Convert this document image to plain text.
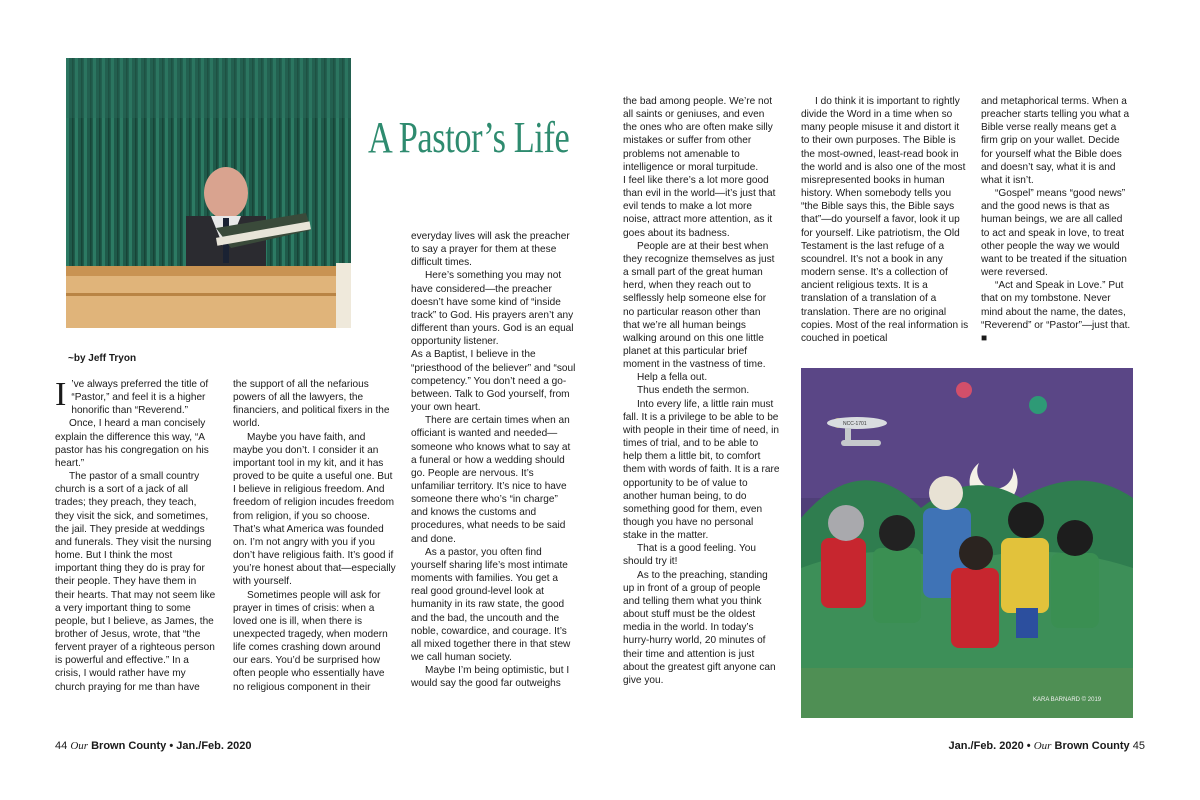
A Pastor’s Life
~by Jeff Tryon

I ’ve always preferred the title of “Pastor,” and feel it is a higher honorific than “Reverend.”

Once, I heard a man concisely explain the difference this way, “A pastor has his congregation on his heart.”

The pastor of a small country church is a sort of a jack of all trades; they preach, they teach, they visit the sick, and sometimes, the jail. They preside at weddings and funerals. They visit the nursing home. But I think the most important thing they do is pray for their people. They have them in their hearts. That may not seem like a very important thing to some people, but I believe, as James, the brother of Jesus, wrote, that “the fervent prayer of a righteous person is powerful and effective.” In a crisis, I would rather have my church praying for me than have

the support of all the nefarious powers of all the lawyers, the financiers, and political fixers in the world.

Maybe you have faith, and maybe you don’t. I consider it an important tool in my kit, and it has proved to be quite a useful one. But I believe in religious freedom. And freedom of religion incudes freedom from religion, if you so choose. That’s what America was founded on. I’m not angry with you if you don’t have religious faith. It’s good if you’re honest about that—especially with yourself.

Sometimes people will ask for prayer in times of crisis: when a loved one is ill, when there is unexpected tragedy, when modern life comes crashing down around our ears. You’d be surprised how often people who essentially have no religious component in their

everyday lives will ask the preacher to say a prayer for them at these difficult times.

Here’s something you may not have considered—the preacher doesn’t have some kind of “inside track” to God. His prayers aren’t any different than yours. God is an equal opportunity listener.

As a Baptist, I believe in the “priesthood of the believer” and “soul competency.” You don’t need a go-between. Talk to God yourself, from your own heart.

There are certain times when an officiant is wanted and needed—someone who knows what to say at a funeral or how a wedding should go. People are nervous. It’s unfamiliar territory. It’s nice to have someone there who’s “in charge” and knows the customs and procedures, what needs to be said and done.

As a pastor, you often find yourself sharing life’s most intimate moments with families. You get a real good ground-level look at humanity in its raw state, the good and the bad, the uncouth and the noble, cowardice, and courage. It’s all mixed together there in that stew we call human society.

Maybe I’m being optimistic, but I would say the good far outweighs

the bad among people. We’re not all saints or geniuses, and even the ones who are often make silly mistakes or suffer from other problems not amenable to intelligence or moral turpitude.

I feel like there’s a lot more good than evil in the world—it’s just that evil tends to make a lot more noise, attract more attention, as it goes about its badness.

People are at their best when they recognize themselves as just a small part of the great human herd, when they reach out to selflessly help someone else for no particular reason other than that we’re all human beings walking around on this one little planet at this particular brief moment in the vastness of time.

Help a fella out.

Thus endeth the sermon.

Into every life, a little rain must fall. It is a privilege to be able to be with people in their time of need, in times of trial, and to be able to help them a little bit, to comfort them with words of faith. It is a rare opportunity to be of value to another human being, to do something good for them, even though you have no personal stake in the matter.

That is a good feeling. You should try it!

As to the preaching, standing up in front of a group of people and telling them what you think about stuff must be the oldest media in the world. In today’s hurry-hurry world, 20 minutes of their time and attention is just about the greatest gift anyone can give you.

I do think it is important to rightly divide the Word in a time when so many people misuse it and distort it to their own purposes. The Bible is the most-owned, least-read book in the world and is also one of the most misrepresented books in human history. When somebody tells you “the Bible says this, the Bible says that”—do yourself a favor, look it up for yourself. Like patriotism, the Old Testament is the last refuge of a scoundrel. It’s not a book in any modern sense. It’s a collection of ancient religious texts. It is a translation of a translation of a translation. There are no original copies. Most of the real information is couched in poetical

and metaphorical terms. When a preacher starts telling you what a Bible verse really means get a firm grip on your wallet. Decide for yourself what the Bible does and doesn’t say, what it is and what it isn’t.

“Gospel” means “good news” and the good news is that as human beings, we are all called to act and speak in love, to treat other people the way we would want to be treated if the situation were reversed.

“Act and Speak in Love.” Put that on my tombstone. Never mind about the name, the dates, “Reverend” or “Pastor”—just that. ■

NCC-1701
KARA BARNARD © 2019
44 Our Brown County • Jan./Feb. 2020	Jan./Feb. 2020 • Our Brown County 45
